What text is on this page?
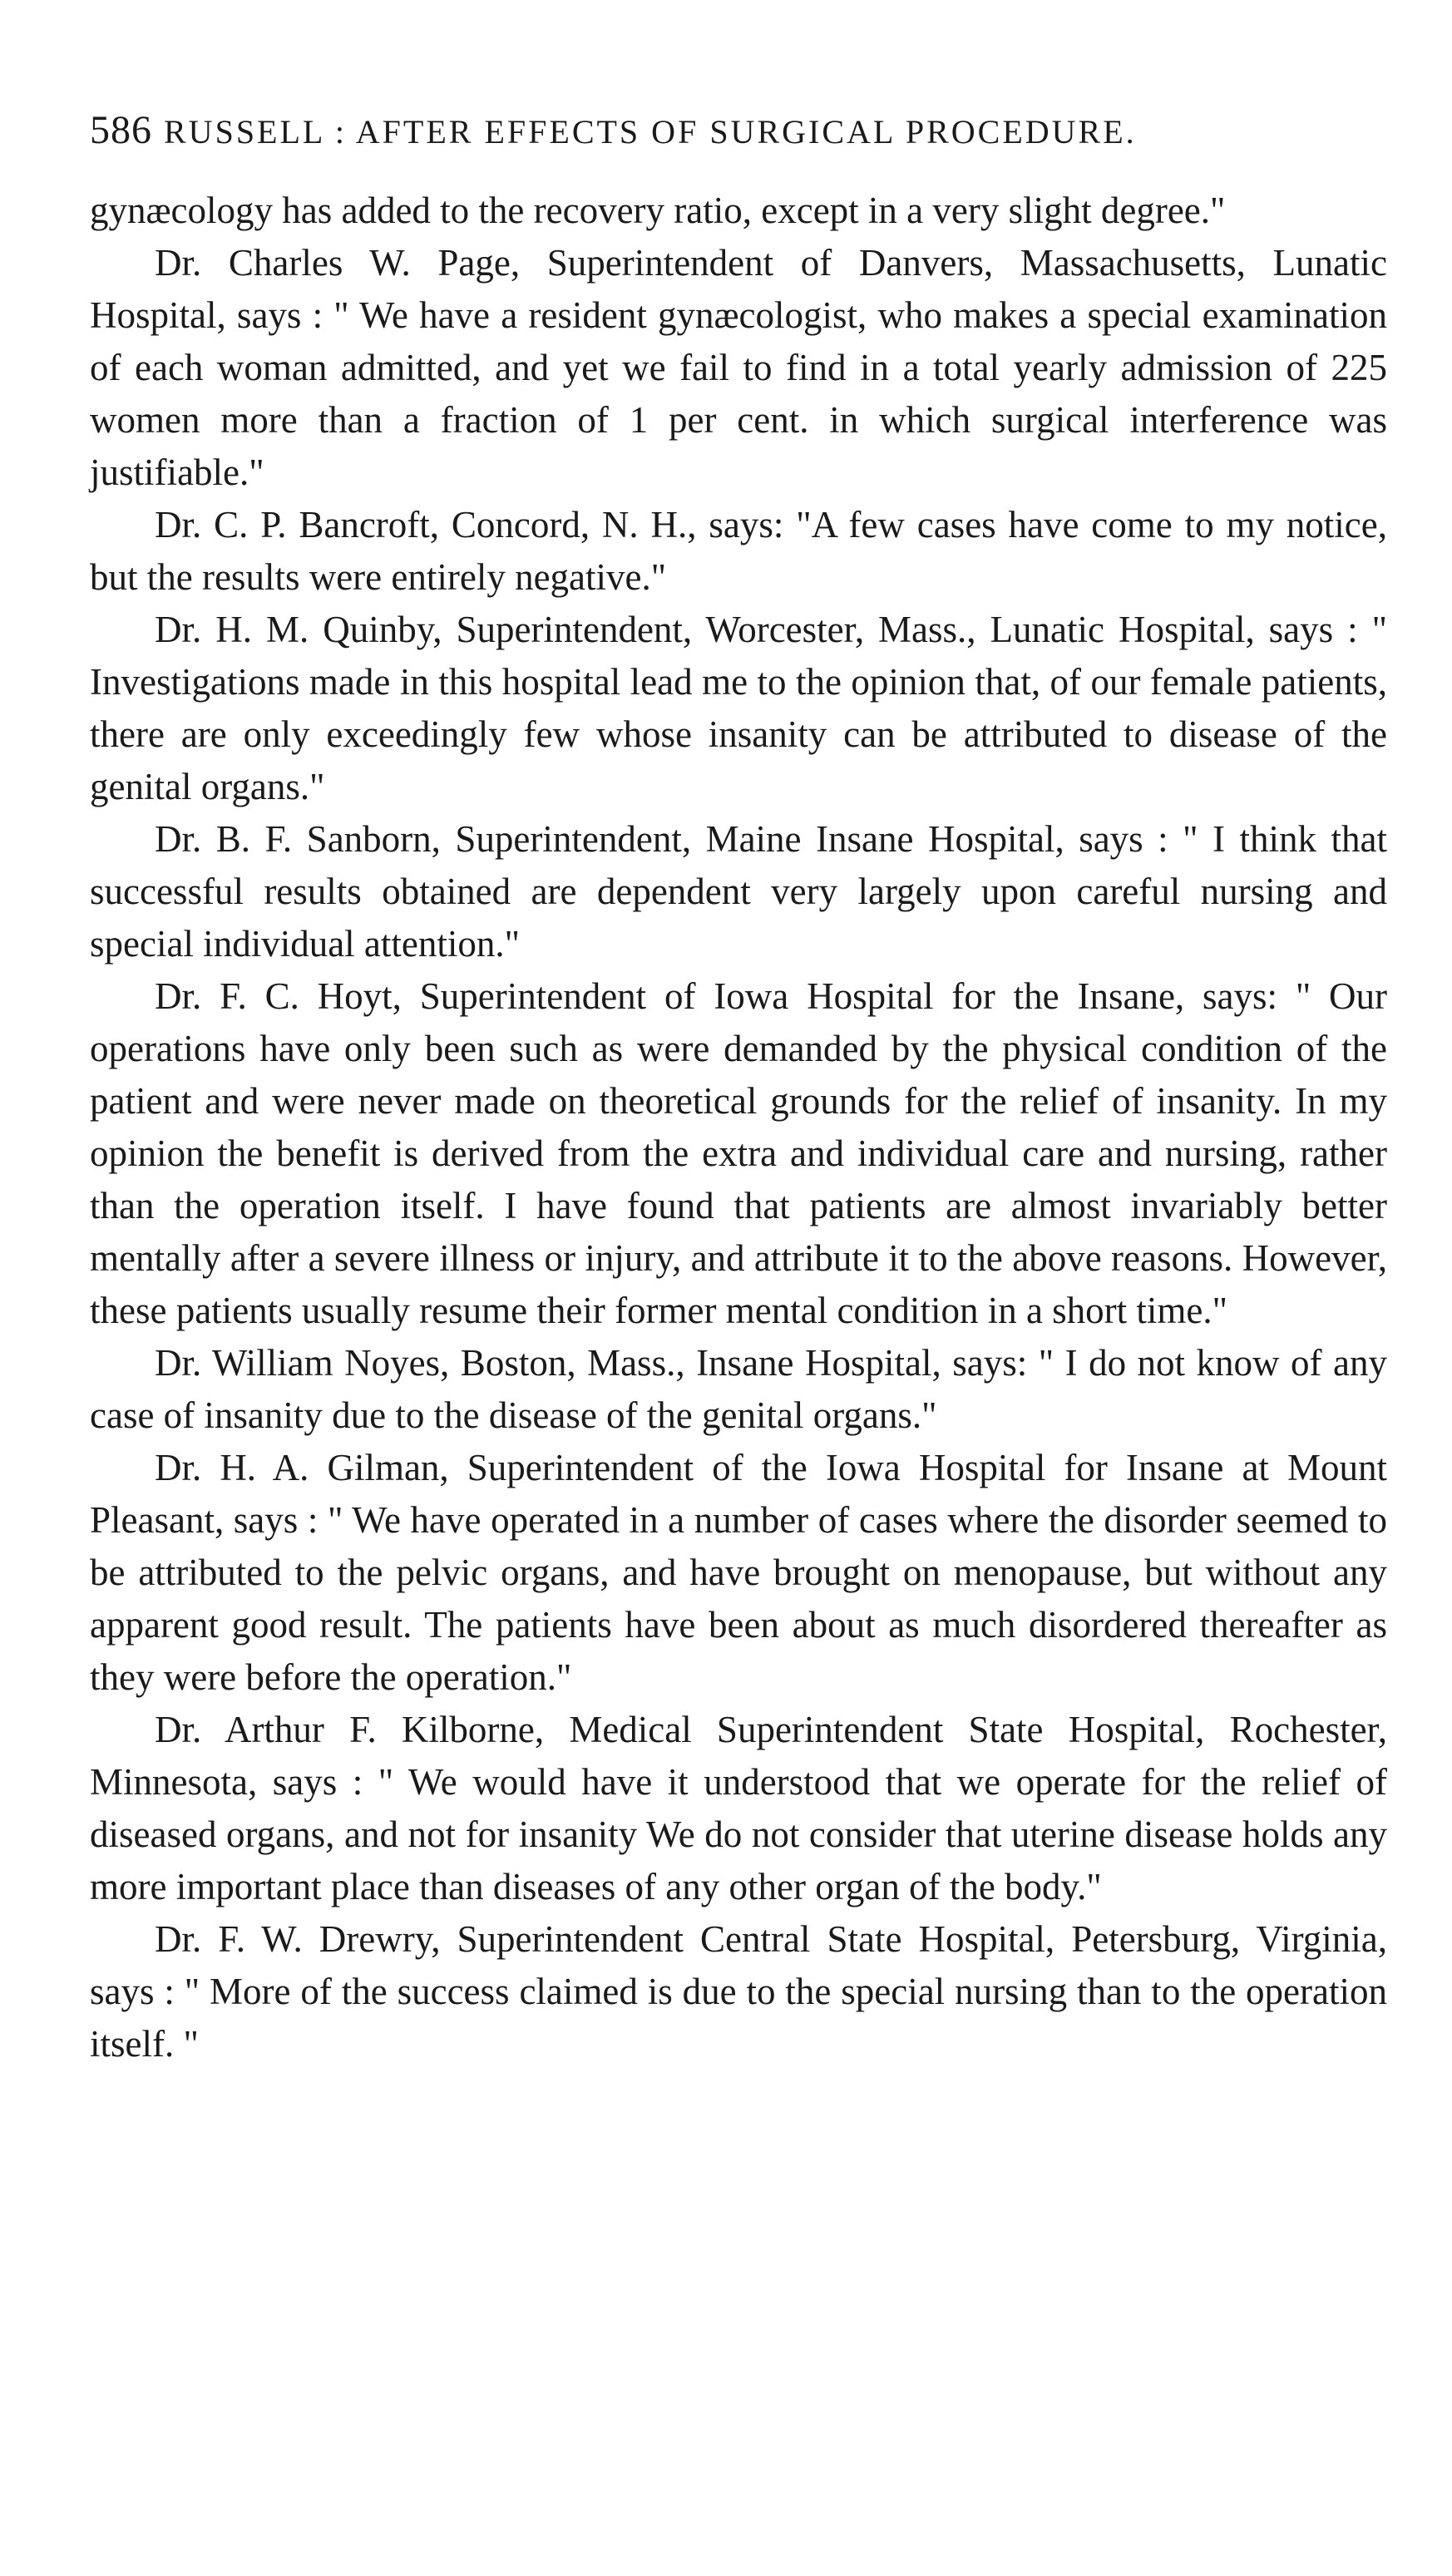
586 RUSSELL : AFTER EFFECTS OF SURGICAL PROCEDURE.

gynæcology has added to the recovery ratio, except in a very slight degree."

Dr. Charles W. Page, Superintendent of Danvers, Massachusetts, Lunatic Hospital, says : " We have a resident gynæcologist, who makes a special examination of each woman admitted, and yet we fail to find in a total yearly admission of 225 women more than a fraction of 1 per cent. in which surgical interference was justifiable."

Dr. C. P. Bancroft, Concord, N. H., says: "A few cases have come to my notice, but the results were entirely negative."

Dr. H. M. Quinby, Superintendent, Worcester, Mass., Lunatic Hospital, says : " Investigations made in this hospital lead me to the opinion that, of our female patients, there are only exceedingly few whose insanity can be attributed to disease of the genital organs."

Dr. B. F. Sanborn, Superintendent, Maine Insane Hospital, says : " I think that successful results obtained are dependent very largely upon careful nursing and special individual attention."

Dr. F. C. Hoyt, Superintendent of Iowa Hospital for the Insane, says: " Our operations have only been such as were demanded by the physical condition of the patient and were never made on theoretical grounds for the relief of insanity. In my opinion the benefit is derived from the extra and individual care and nursing, rather than the operation itself. I have found that patients are almost invariably better mentally after a severe illness or injury, and attribute it to the above reasons. However, these patients usually resume their former mental condition in a short time."

Dr. William Noyes, Boston, Mass., Insane Hospital, says: " I do not know of any case of insanity due to the disease of the genital organs."

Dr. H. A. Gilman, Superintendent of the Iowa Hospital for Insane at Mount Pleasant, says : " We have operated in a number of cases where the disorder seemed to be attributed to the pelvic organs, and have brought on menopause, but without any apparent good result. The patients have been about as much disordered thereafter as they were before the operation."

Dr. Arthur F. Kilborne, Medical Superintendent State Hospital, Rochester, Minnesota, says : " We would have it understood that we operate for the relief of diseased organs, and not for insanity We do not consider that uterine disease holds any more important place than diseases of any other organ of the body."

Dr. F. W. Drewry, Superintendent Central State Hospital, Petersburg, Virginia, says : " More of the success claimed is due to the special nursing than to the operation itself. "
